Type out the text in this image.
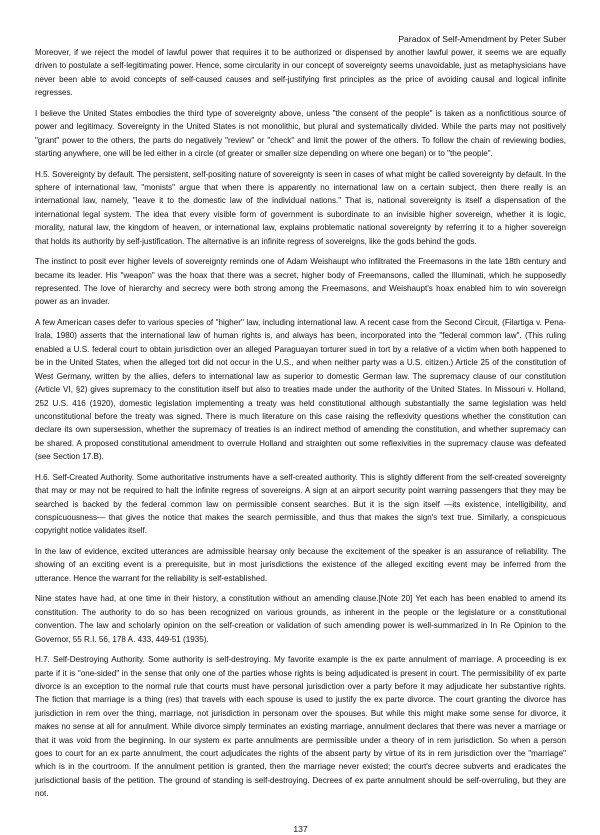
Paradox of Self-Amendment by Peter Suber

Moreover, if we reject the model of lawful power that requires it to be authorized or dispensed by another lawful power, it seems we are equally
driven to postulate a self-legitimating power. Hence, some circularity in our concept of sovereignty seems unavoidable, just as metaphysicians have
never been able to avoid concepts of self-caused causes and self-justifying first principles as the price of avoiding causal and logical infinite
regresses.

I believe the United States embodies the third type of sovereignty above, unless "the consent of the people" is taken as a nonfictitious source of
power and legitimacy. Sovereignty in the United States is not monolithic, but plural and systematically divided. While the parts may not positively
"grant" power to the others, the parts do negatively "review" or "check" and limit the power of the others. To follow the chain of reviewing bodies,
starting anywhere, one will be led either in a circle (of greater or smaller size depending on where one began) or to "the people".

H.5. Sovereignty by default. The persistent, self-positing nature of sovereignty is seen in cases of what might be called sovereignty by default. In the
sphere of international law, "monists" argue that when there is apparently no international law on a certain subject, then there really is an
international law, namely, "leave it to the domestic law of the individual nations." That is, national sovereignty is itself a dispensation of the
international legal system. The idea that every visible form of government is subordinate to an invisible higher sovereign, whether it is logic,
morality, natural law, the kingdom of heaven, or international law, explains problematic national sovereignty by referring it to a higher sovereign
that holds its authority by self-justification. The alternative is an infinite regress of sovereigns, like the gods behind the gods.

The instinct to posit ever higher levels of sovereignty reminds one of Adam Weishaupt who infiltrated the Freemasons in the late 18th century and
became its leader. His "weapon" was the hoax that there was a secret, higher body of Freemansons, called the Illuminati, which he supposedly
represented. The love of hierarchy and secrecy were both strong among the Freemasons, and Weishaupt's hoax enabled him to win sovereign
power as an invader.

A few American cases defer to various species of "higher" law, including international law. A recent case from the Second Circuit, (Filartiga v. Pena-
Irala, 1980) asserts that the international law of human rights is, and always has been, incorporated into the "federal common law". (This ruling
enabled a U.S. federal court to obtain jurisdiction over an alleged Paraguayan torturer sued in tort by a relative of a victim when both happened to
be in the United States, when the alleged tort did not occur in the U.S., and when neither party was a U.S. citizen.) Article 25 of the constitution of
West Germany, written by the allies, defers to international law as superior to domestic German law. The supremacy clause of our constitution
(Article VI, §2) gives supremacy to the constitution itself but also to treaties made under the authority of the United States. In Missouri v. Holland,
252 U.S. 416 (1920), domestic legislation implementing a treaty was held constitutional although substantially the same legislation was held
unconstitutional before the treaty was signed. There is much literature on this case raising the reflexivity questions whether the constitution can
declare its own supersession, whether the supremacy of treaties is an indirect method of amending the constitution, and whether supremacy can
be shared. A proposed constitutional amendment to overrule Holland and straighten out some reflexivities in the supremacy clause was defeated
(see Section 17.B).

H.6. Self-Created Authority. Some authoritative instruments have a self-created authority. This is slightly different from the self-created sovereignty
that may or may not be required to halt the infinite regress of sovereigns. A sign at an airport security point warning passengers that they may be
searched is backed by the federal common law on permissible consent searches. But it is the sign itself —its existence, intelligibility, and
conspicuousness— that gives the notice that makes the search permissible, and thus that makes the sign's text true. Similarly, a conspicuous
copyright notice validates itself.

In the law of evidence, excited utterances are admissible hearsay only because the excitement of the speaker is an assurance of reliability. The
showing of an exciting event is a prerequisite, but in most jurisdictions the existence of the alleged exciting event may be inferred from the
utterance. Hence the warrant for the reliability is self-established.

Nine states have had, at one time in their history, a constitution without an amending clause.[Note 20] Yet each has been enabled to amend its
constitution. The authority to do so has been recognized on various grounds, as inherent in the people or the legislature or a constitutional
convention. The law and scholarly opinion on the self-creation or validation of such amending power is well-summarized in In Re Opinion to the
Governor, 55 R.I. 56, 178 A. 433, 449-51 (1935).

H.7. Self-Destroying Authority. Some authority is self-destroying. My favorite example is the ex parte annulment of marriage. A proceeding is ex
parte if it is "one-sided" in the sense that only one of the parties whose rights is being adjudicated is present in court. The permissibility of ex parte
divorce is an exception to the normal rule that courts must have personal jurisdiction over a party before it may adjudicate her substantive rights.
The fiction that marriage is a thing (res) that travels with each spouse is used to justify the ex parte divorce. The court granting the divorce has
jurisdiction in rem over the thing, marriage, not jurisdiction in personam over the spouses. But while this might make some sense for divorce, it
makes no sense at all for annulment. While divorce simply terminates an existing marriage, annulment declares that there was never a marriage or
that it was void from the beginning. In our system ex parte annulments are permissible under a theory of in rem jurisdiction. So when a person
goes to court for an ex parte annulment, the court adjudicates the rights of the absent party by virtue of its in rem jurisdiction over the "marriage"
which is in the courtroom. If the annulment petition is granted, then the marriage never existed; the court's decree subverts and eradicates the
jurisdictional basis of the petition. The ground of standing is self-destroying. Decrees of ex parte annulment should be self-overruling, but they are
not.

137
